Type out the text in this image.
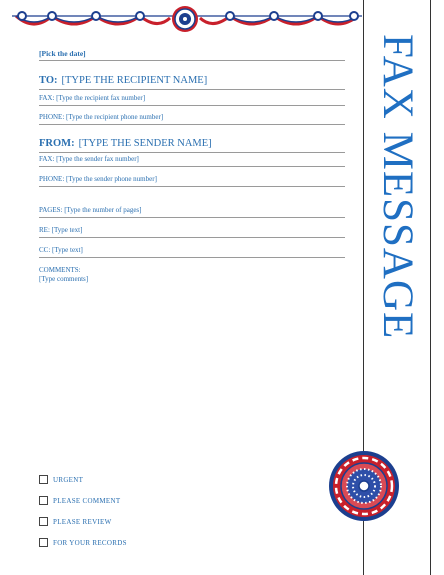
[Pick the date]
TO: [TYPE THE RECIPIENT NAME]
FAX: [Type the recipient fax number]
PHONE: [Type the recipient phone number]
FROM: [TYPE THE SENDER NAME]
FAX: [Type the sender fax number]
PHONE: [Type the sender phone number]
PAGES: [Type the number of pages]
RE: [Type text]
CC: [Type text]
COMMENTS:
[Type comments]	FAX MESSAGE
URGENT
PLEASE COMMENT
PLEASE REVIEW
FOR YOUR RECORDS
